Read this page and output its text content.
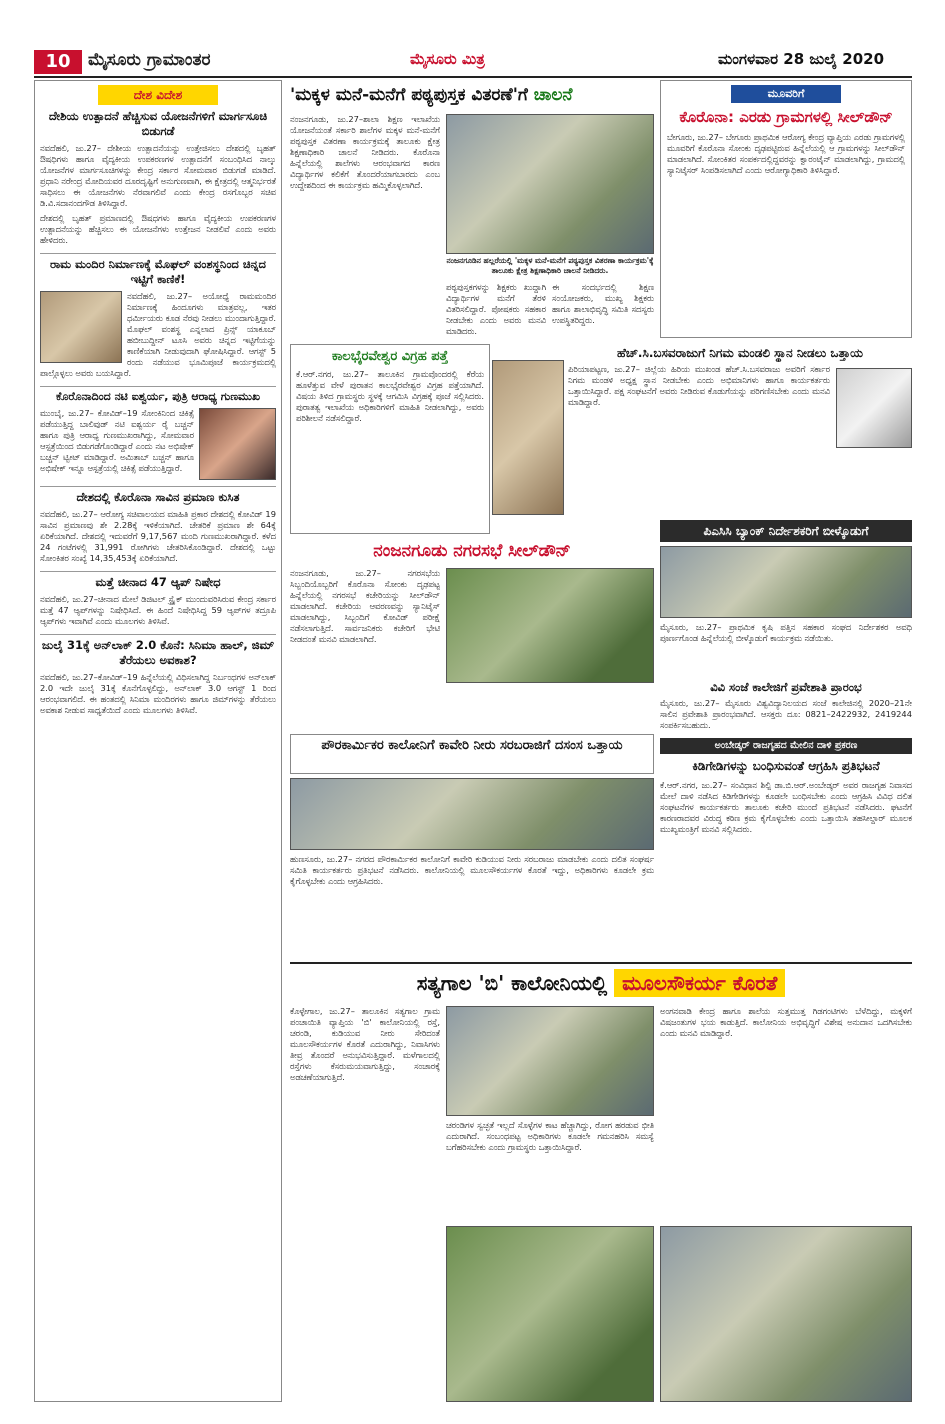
10	ಮೈಸೂರು ಗ್ರಾಮಾಂತರ	ಮೈಸೂರು ಮಿತ್ರ	ಮಂಗಳವಾರ 28 ಜುಲೈ 2020
ದೇಶ ವಿದೇಶ
ದೇಶಿಯ ಉತ್ಪಾದನೆ ಹೆಚ್ಚಿಸುವ ಯೋಜನೆಗಳಿಗೆ ಮಾರ್ಗಸೂಚಿ ಬಿಡುಗಡೆ

ನವದೆಹಲಿ, ಜು.27– ದೇಶೀಯ ಉತ್ಪಾದನೆಯನ್ನು ಉತ್ತೇಜಿಸಲು ದೇಶದಲ್ಲಿ ಬೃಹತ್ ಔಷಧಿಗಳು ಹಾಗೂ ವೈದ್ಯಕೀಯ ಉಪಕರಣಗಳ ಉತ್ಪಾದನೆಗೆ ಸಂಬಂಧಿಸಿದ ನಾಲ್ಕು ಯೋಜನೆಗಳ ಮಾರ್ಗಸೂಚಿಗಳನ್ನು ಕೇಂದ್ರ ಸರ್ಕಾರ ಸೋಮವಾರ ಬಿಡುಗಡೆ ಮಾಡಿದೆ. ಪ್ರಧಾನಿ ನರೇಂದ್ರ ಮೋದಿಯವರ ದೂರದೃಷ್ಟಿಗೆ ಅನುಗುಣವಾಗಿ, ಈ ಕ್ಷೇತ್ರದಲ್ಲಿ ಆತ್ಮನಿರ್ಭರತೆ ಸಾಧಿಸಲು ಈ ಯೋಜನೆಗಳು ನೆರವಾಗಲಿವೆ ಎಂದು ಕೇಂದ್ರ ರಸಗೊಬ್ಬರ ಸಚಿವ ಡಿ.ವಿ.ಸದಾನಂದಗೌಡ ತಿಳಿಸಿದ್ದಾರೆ.

ದೇಶದಲ್ಲಿ ಬೃಹತ್ ಪ್ರಮಾಣದಲ್ಲಿ ಔಷಧಗಳು ಹಾಗೂ ವೈದ್ಯಕೀಯ ಉಪಕರಣಗಳ ಉತ್ಪಾದನೆಯನ್ನು ಹೆಚ್ಚಿಸಲು ಈ ಯೋಜನೆಗಳು ಉತ್ತೇಜನ ನೀಡಲಿವೆ ಎಂದು ಅವರು ಹೇಳಿದರು.

ರಾಮ ಮಂದಿರ ನಿರ್ಮಾಣಕ್ಕೆ ಮೊಘಲ್ ವಂಶಸ್ಥನಿಂದ ಚಿನ್ನದ ಇಟ್ಟಿಗೆ ಕಾಣಿಕೆ!

ನವದೆಹಲಿ, ಜು.27– ಅಯೋಧ್ಯೆ ರಾಮಮಂದಿರ ನಿರ್ಮಾಣಕ್ಕೆ ಹಿಂದೂಗಳು ಮಾತ್ರವಲ್ಲ, ಇತರ ಧರ್ಮೀಯರು ಕೂಡ ನೆರವು ನೀಡಲು ಮುಂದಾಗುತ್ತಿದ್ದಾರೆ. ಮೊಘಲ್ ವಂಶಸ್ಥ ಎನ್ನಲಾದ ಪ್ರಿನ್ಸ್ ಯಾಕೂಬ್ ಹಬೀಬುದ್ದೀನ್ ಟೂಸಿ ಅವರು ಚಿನ್ನದ ಇಟ್ಟಿಗೆಯನ್ನು ಕಾಣಿಕೆಯಾಗಿ ನೀಡುವುದಾಗಿ ಘೋಷಿಸಿದ್ದಾರೆ. ಆಗಸ್ಟ್ 5 ರಂದು ನಡೆಯುವ ಭೂಮಿಪೂಜೆ ಕಾರ್ಯಕ್ರಮದಲ್ಲಿ ಪಾಲ್ಗೊಳ್ಳಲು ಅವರು ಬಯಸಿದ್ದಾರೆ.

ಕೊರೊನಾದಿಂದ ನಟಿ ಐಶ್ವರ್ಯ, ಪುತ್ರಿ ಆರಾಧ್ಯ ಗುಣಮುಖ

ಮುಂಬೈ, ಜು.27– ಕೋವಿಡ್–19 ಸೋಂಕಿನಿಂದ ಚಿಕಿತ್ಸೆ ಪಡೆಯುತ್ತಿದ್ದ ಬಾಲಿವುಡ್ ನಟಿ ಐಶ್ವರ್ಯ ರೈ ಬಚ್ಚನ್ ಹಾಗೂ ಪುತ್ರಿ ಆರಾಧ್ಯ ಗುಣಮುಖರಾಗಿದ್ದು, ಸೋಮವಾರ ಆಸ್ಪತ್ರೆಯಿಂದ ಬಿಡುಗಡೆಗೊಂಡಿದ್ದಾರೆ ಎಂದು ನಟ ಅಭಿಷೇಕ್ ಬಚ್ಚನ್ ಟ್ವೀಟ್ ಮಾಡಿದ್ದಾರೆ. ಅಮಿತಾಬ್ ಬಚ್ಚನ್ ಹಾಗೂ ಅಭಿಷೇಕ್ ಇನ್ನೂ ಆಸ್ಪತ್ರೆಯಲ್ಲಿ ಚಿಕಿತ್ಸೆ ಪಡೆಯುತ್ತಿದ್ದಾರೆ.

ದೇಶದಲ್ಲಿ ಕೊರೊನಾ ಸಾವಿನ ಪ್ರಮಾಣ ಕುಸಿತ

ನವದೆಹಲಿ, ಜು.27– ಆರೋಗ್ಯ ಸಚಿವಾಲಯದ ಮಾಹಿತಿ ಪ್ರಕಾರ ದೇಶದಲ್ಲಿ ಕೋವಿಡ್ 19 ಸಾವಿನ ಪ್ರಮಾಣವು ಶೇ 2.28ಕ್ಕೆ ಇಳಿಕೆಯಾಗಿದೆ. ಚೇತರಿಕೆ ಪ್ರಮಾಣ ಶೇ 64ಕ್ಕೆ ಏರಿಕೆಯಾಗಿದೆ. ದೇಶದಲ್ಲಿ ಇದುವರೆಗೆ 9,17,567 ಮಂದಿ ಗುಣಮುಖರಾಗಿದ್ದಾರೆ. ಕಳೆದ 24 ಗಂಟೆಗಳಲ್ಲಿ 31,991 ರೋಗಿಗಳು ಚೇತರಿಸಿಕೊಂಡಿದ್ದಾರೆ. ದೇಶದಲ್ಲಿ ಒಟ್ಟು ಸೋಂಕಿತರ ಸಂಖ್ಯೆ 14,35,453ಕ್ಕೆ ಏರಿಕೆಯಾಗಿದೆ.

ಮತ್ತೆ ಚೀನಾದ 47 ಆ್ಯಪ್ ನಿಷೇಧ

ನವದೆಹಲಿ, ಜು.27–ಚೀನಾದ ಮೇಲೆ ಡಿಜಿಟಲ್ ಸ್ಟ್ರೈಕ್ ಮುಂದುವರಿಸಿರುವ ಕೇಂದ್ರ ಸರ್ಕಾರ ಮತ್ತೆ 47 ಆ್ಯಪ್‌ಗಳನ್ನು ನಿಷೇಧಿಸಿದೆ. ಈ ಹಿಂದೆ ನಿಷೇಧಿಸಿದ್ದ 59 ಆ್ಯಪ್‌ಗಳ ತದ್ರೂಪಿ ಆ್ಯಪ್‌ಗಳು ಇವಾಗಿವೆ ಎಂದು ಮೂಲಗಳು ತಿಳಿಸಿವೆ.

ಜುಲೈ 31ಕ್ಕೆ ಅನ್‌ಲಾಕ್ 2.0 ಕೊನೆ: ಸಿನಿಮಾ ಹಾಲ್, ಜಿಮ್ ತೆರೆಯಲು ಅವಕಾಶ?

ನವದೆಹಲಿ, ಜು.27–ಕೋವಿಡ್–19 ಹಿನ್ನೆಲೆಯಲ್ಲಿ ವಿಧಿಸಲಾಗಿದ್ದ ನಿರ್ಬಂಧಗಳ ಅನ್‌ಲಾಕ್ 2.0 ಇದೇ ಜುಲೈ 31ಕ್ಕೆ ಕೊನೆಗೊಳ್ಳಲಿದ್ದು, ಅನ್‌ಲಾಕ್ 3.0 ಆಗಸ್ಟ್ 1 ರಿಂದ ಆರಂಭವಾಗಲಿದೆ. ಈ ಹಂತದಲ್ಲಿ ಸಿನಿಮಾ ಮಂದಿರಗಳು ಹಾಗೂ ಜಿಮ್‌ಗಳನ್ನು ತೆರೆಯಲು ಅವಕಾಶ ನೀಡುವ ಸಾಧ್ಯತೆಯಿದೆ ಎಂದು ಮೂಲಗಳು ತಿಳಿಸಿವೆ.

'ಮಕ್ಕಳ ಮನೆ-ಮನೆಗೆ ಪಠ್ಯಪುಸ್ತಕ ವಿತರಣೆ'ಗೆ ಚಾಲನೆ

ನಂಜನಗೂಡು, ಜು.27–ಶಾಲಾ ಶಿಕ್ಷಣ ಇಲಾಖೆಯ ಯೋಜನೆಯಂತೆ ಸರ್ಕಾರಿ ಶಾಲೆಗಳ ಮಕ್ಕಳ ಮನೆ-ಮನೆಗೆ ಪಠ್ಯಪುಸ್ತಕ ವಿತರಣಾ ಕಾರ್ಯಕ್ರಮಕ್ಕೆ ತಾಲೂಕು ಕ್ಷೇತ್ರ ಶಿಕ್ಷಣಾಧಿಕಾರಿ ಚಾಲನೆ ನೀಡಿದರು. ಕೊರೊನಾ ಹಿನ್ನೆಲೆಯಲ್ಲಿ ಶಾಲೆಗಳು ಆರಂಭವಾಗದ ಕಾರಣ ವಿದ್ಯಾರ್ಥಿಗಳ ಕಲಿಕೆಗೆ ತೊಂದರೆಯಾಗಬಾರದು ಎಂಬ ಉದ್ದೇಶದಿಂದ ಈ ಕಾರ್ಯಕ್ರಮ ಹಮ್ಮಿಕೊಳ್ಳಲಾಗಿದೆ.

ನಂಜನಗೂಡಿನ ಹಲ್ಲರೆಯಲ್ಲಿ 'ಮಕ್ಕಳ ಮನೆ-ಮನೆಗೆ ಪಠ್ಯಪುಸ್ತಕ ವಿತರಣಾ ಕಾರ್ಯಕ್ರಮ'ಕ್ಕೆ ತಾಲೂಕು ಕ್ಷೇತ್ರ ಶಿಕ್ಷಣಾಧಿಕಾರಿ ಚಾಲನೆ ನೀಡಿದರು.

ಪಠ್ಯಪುಸ್ತಕಗಳನ್ನು ಶಿಕ್ಷಕರು ಖುದ್ದಾಗಿ ವಿದ್ಯಾರ್ಥಿಗಳ ಮನೆಗೆ ತೆರಳಿ ವಿತರಿಸಲಿದ್ದಾರೆ. ಪೋಷಕರು ಸಹಕಾರ ನೀಡಬೇಕು ಎಂದು ಅವರು ಮನವಿ ಮಾಡಿದರು.

ಈ ಸಂದರ್ಭದಲ್ಲಿ ಶಿಕ್ಷಣ ಸಂಯೋಜಕರು, ಮುಖ್ಯ ಶಿಕ್ಷಕರು ಹಾಗೂ ಶಾಲಾಭಿವೃದ್ಧಿ ಸಮಿತಿ ಸದಸ್ಯರು ಉಪಸ್ಥಿತರಿದ್ದರು.

ಮೂವರಿಗೆ
ಕೊರೊನಾ: ಎರಡು ಗ್ರಾಮಗಳಲ್ಲಿ ಸೀಲ್‌ಡೌನ್
ಬೇಗೂರು, ಜು.27– ಬೇಗೂರು ಪ್ರಾಥಮಿಕ ಆರೋಗ್ಯ ಕೇಂದ್ರ ವ್ಯಾಪ್ತಿಯ ಎರಡು ಗ್ರಾಮಗಳಲ್ಲಿ ಮೂವರಿಗೆ ಕೊರೊನಾ ಸೋಂಕು ದೃಢಪಟ್ಟಿರುವ ಹಿನ್ನೆಲೆಯಲ್ಲಿ ಆ ಗ್ರಾಮಗಳನ್ನು ಸೀಲ್‌ಡೌನ್ ಮಾಡಲಾಗಿದೆ. ಸೋಂಕಿತರ ಸಂಪರ್ಕದಲ್ಲಿದ್ದವರನ್ನು ಕ್ವಾರಂಟೈನ್ ಮಾಡಲಾಗಿದ್ದು, ಗ್ರಾಮದಲ್ಲಿ ಸ್ಯಾನಿಟೈಸರ್ ಸಿಂಪಡಿಸಲಾಗಿದೆ ಎಂದು ಆರೋಗ್ಯಾಧಿಕಾರಿ ತಿಳಿಸಿದ್ದಾರೆ.
ಕಾಲಭೈರವೇಶ್ವರ ವಿಗ್ರಹ ಪತ್ತೆ
ಕೆ.ಆರ್.ನಗರ, ಜು.27– ತಾಲೂಕಿನ ಗ್ರಾಮವೊಂದರಲ್ಲಿ ಕೆರೆಯ ಹೂಳೆತ್ತುವ ವೇಳೆ ಪುರಾತನ ಕಾಲಭೈರವೇಶ್ವರ ವಿಗ್ರಹ ಪತ್ತೆಯಾಗಿದೆ. ವಿಷಯ ತಿಳಿದ ಗ್ರಾಮಸ್ಥರು ಸ್ಥಳಕ್ಕೆ ಆಗಮಿಸಿ ವಿಗ್ರಹಕ್ಕೆ ಪೂಜೆ ಸಲ್ಲಿಸಿದರು. ಪುರಾತತ್ವ ಇಲಾಖೆಯ ಅಧಿಕಾರಿಗಳಿಗೆ ಮಾಹಿತಿ ನೀಡಲಾಗಿದ್ದು, ಅವರು ಪರಿಶೀಲನೆ ನಡೆಸಲಿದ್ದಾರೆ.
ಹೆಚ್.ಸಿ.ಬಸವರಾಜುಗೆ ನಿಗಮ ಮಂಡಲಿ ಸ್ಥಾನ ನೀಡಲು ಒತ್ತಾಯ
ಪಿರಿಯಾಪಟ್ಟಣ, ಜು.27– ಜಿಲ್ಲೆಯ ಹಿರಿಯ ಮುಖಂಡ ಹೆಚ್.ಸಿ.ಬಸವರಾಜು ಅವರಿಗೆ ಸರ್ಕಾರ ನಿಗಮ ಮಂಡಳಿ ಅಧ್ಯಕ್ಷ ಸ್ಥಾನ ನೀಡಬೇಕು ಎಂದು ಅಭಿಮಾನಿಗಳು ಹಾಗೂ ಕಾರ್ಯಕರ್ತರು ಒತ್ತಾಯಿಸಿದ್ದಾರೆ. ಪಕ್ಷ ಸಂಘಟನೆಗೆ ಅವರು ನೀಡಿರುವ ಕೊಡುಗೆಯನ್ನು ಪರಿಗಣಿಸಬೇಕು ಎಂದು ಮನವಿ ಮಾಡಿದ್ದಾರೆ.
ನಂಜನಗೂಡು ನಗರಸಭೆ ಸೀಲ್‌ಡೌನ್
ನಂಜನಗೂಡು, ಜು.27– ನಗರಸಭೆಯ ಸಿಬ್ಬಂದಿಯೊಬ್ಬರಿಗೆ ಕೊರೊನಾ ಸೋಂಕು ದೃಢಪಟ್ಟ ಹಿನ್ನೆಲೆಯಲ್ಲಿ ನಗರಸಭೆ ಕಚೇರಿಯನ್ನು ಸೀಲ್‌ಡೌನ್ ಮಾಡಲಾಗಿದೆ. ಕಚೇರಿಯ ಆವರಣವನ್ನು ಸ್ಯಾನಿಟೈಸ್ ಮಾಡಲಾಗಿದ್ದು, ಸಿಬ್ಬಂದಿಗೆ ಕೋವಿಡ್ ಪರೀಕ್ಷೆ ನಡೆಸಲಾಗುತ್ತಿದೆ. ಸಾರ್ವಜನಿಕರು ಕಚೇರಿಗೆ ಭೇಟಿ ನೀಡದಂತೆ ಮನವಿ ಮಾಡಲಾಗಿದೆ.
ಪಿಎಸಿಸಿ ಬ್ಯಾಂಕ್ ನಿರ್ದೇಶಕರಿಗೆ ಬೀಳ್ಕೊಡುಗೆ
ಮೈಸೂರು, ಜು.27– ಪ್ರಾಥಮಿಕ ಕೃಷಿ ಪತ್ತಿನ ಸಹಕಾರ ಸಂಘದ ನಿರ್ದೇಶಕರ ಅವಧಿ ಪೂರ್ಣಗೊಂಡ ಹಿನ್ನೆಲೆಯಲ್ಲಿ ಬೀಳ್ಕೊಡುಗೆ ಕಾರ್ಯಕ್ರಮ ನಡೆಯಿತು.
ವಿವಿ ಸಂಜೆ ಕಾಲೇಜಿಗೆ ಪ್ರವೇಶಾತಿ ಪ್ರಾರಂಭ
ಮೈಸೂರು, ಜು.27– ಮೈಸೂರು ವಿಶ್ವವಿದ್ಯಾನಿಲಯದ ಸಂಜೆ ಕಾಲೇಜಿನಲ್ಲಿ 2020–21ನೇ ಸಾಲಿನ ಪ್ರವೇಶಾತಿ ಪ್ರಾರಂಭವಾಗಿದೆ. ಆಸಕ್ತರು ದೂ: 0821–2422932, 2419244 ಸಂಪರ್ಕಿಸಬಹುದು.
ಪೌರಕಾರ್ಮಿಕರ ಕಾಲೋನಿಗೆ ಕಾವೇರಿ ನೀರು ಸರಬರಾಜಿಗೆ ದಸಂಸ ಒತ್ತಾಯ
ಹುಣಸೂರು, ಜು.27– ನಗರದ ಪೌರಕಾರ್ಮಿಕರ ಕಾಲೋನಿಗೆ ಕಾವೇರಿ ಕುಡಿಯುವ ನೀರು ಸರಬರಾಜು ಮಾಡಬೇಕು ಎಂದು ದಲಿತ ಸಂಘರ್ಷ ಸಮಿತಿ ಕಾರ್ಯಕರ್ತರು ಪ್ರತಿಭಟನೆ ನಡೆಸಿದರು. ಕಾಲೋನಿಯಲ್ಲಿ ಮೂಲಸೌಕರ್ಯಗಳ ಕೊರತೆ ಇದ್ದು, ಅಧಿಕಾರಿಗಳು ಕೂಡಲೇ ಕ್ರಮ ಕೈಗೊಳ್ಳಬೇಕು ಎಂದು ಆಗ್ರಹಿಸಿದರು.
ಅಂಬೇಡ್ಕರ್ ರಾಜಗೃಹದ ಮೇಲಿನ ದಾಳಿ ಪ್ರಕರಣ
ಕಿಡಿಗೇಡಿಗಳನ್ನು ಬಂಧಿಸುವಂತೆ ಆಗ್ರಹಿಸಿ ಪ್ರತಿಭಟನೆ
ಕೆ.ಆರ್.ನಗರ, ಜು.27– ಸಂವಿಧಾನ ಶಿಲ್ಪಿ ಡಾ.ಬಿ.ಆರ್.ಅಂಬೇಡ್ಕರ್ ಅವರ ರಾಜಗೃಹ ನಿವಾಸದ ಮೇಲೆ ದಾಳಿ ನಡೆಸಿದ ಕಿಡಿಗೇಡಿಗಳನ್ನು ಕೂಡಲೇ ಬಂಧಿಸಬೇಕು ಎಂದು ಆಗ್ರಹಿಸಿ ವಿವಿಧ ದಲಿತ ಸಂಘಟನೆಗಳ ಕಾರ್ಯಕರ್ತರು ತಾಲೂಕು ಕಚೇರಿ ಮುಂದೆ ಪ್ರತಿಭಟನೆ ನಡೆಸಿದರು. ಘಟನೆಗೆ ಕಾರಣರಾದವರ ವಿರುದ್ಧ ಕಠಿಣ ಕ್ರಮ ಕೈಗೊಳ್ಳಬೇಕು ಎಂದು ಒತ್ತಾಯಿಸಿ ತಹಸೀಲ್ದಾರ್ ಮೂಲಕ ಮುಖ್ಯಮಂತ್ರಿಗೆ ಮನವಿ ಸಲ್ಲಿಸಿದರು.
ಸತ್ಯಗಾಲ 'ಬಿ' ಕಾಲೋನಿಯಲ್ಲಿ ಮೂಲಸೌಕರ್ಯ ಕೊರತೆ
ಕೊಳ್ಳೇಗಾಲ, ಜು.27– ತಾಲೂಕಿನ ಸತ್ಯಗಾಲ ಗ್ರಾಮ ಪಂಚಾಯಿತಿ ವ್ಯಾಪ್ತಿಯ 'ಬಿ' ಕಾಲೋನಿಯಲ್ಲಿ ರಸ್ತೆ, ಚರಂಡಿ, ಕುಡಿಯುವ ನೀರು ಸೇರಿದಂತೆ ಮೂಲಸೌಕರ್ಯಗಳ ಕೊರತೆ ಎದುರಾಗಿದ್ದು, ನಿವಾಸಿಗಳು ತೀವ್ರ ತೊಂದರೆ ಅನುಭವಿಸುತ್ತಿದ್ದಾರೆ. ಮಳೆಗಾಲದಲ್ಲಿ ರಸ್ತೆಗಳು ಕೆಸರುಮಯವಾಗುತ್ತಿದ್ದು, ಸಂಚಾರಕ್ಕೆ ಅಡಚಣೆಯಾಗುತ್ತಿದೆ.
ಚರಂಡಿಗಳ ಸ್ವಚ್ಛತೆ ಇಲ್ಲದೆ ಸೊಳ್ಳೆಗಳ ಕಾಟ ಹೆಚ್ಚಾಗಿದ್ದು, ರೋಗ ಹರಡುವ ಭೀತಿ ಎದುರಾಗಿದೆ. ಸಂಬಂಧಪಟ್ಟ ಅಧಿಕಾರಿಗಳು ಕೂಡಲೇ ಗಮನಹರಿಸಿ ಸಮಸ್ಯೆ ಬಗೆಹರಿಸಬೇಕು ಎಂದು ಗ್ರಾಮಸ್ಥರು ಒತ್ತಾಯಿಸಿದ್ದಾರೆ.
ಅಂಗನವಾಡಿ ಕೇಂದ್ರ ಹಾಗೂ ಶಾಲೆಯ ಸುತ್ತಮುತ್ತ ಗಿಡಗಂಟಿಗಳು ಬೆಳೆದಿದ್ದು, ಮಕ್ಕಳಿಗೆ ವಿಷಜಂತುಗಳ ಭಯ ಕಾಡುತ್ತಿದೆ. ಕಾಲೋನಿಯ ಅಭಿವೃದ್ಧಿಗೆ ವಿಶೇಷ ಅನುದಾನ ಒದಗಿಸಬೇಕು ಎಂದು ಮನವಿ ಮಾಡಿದ್ದಾರೆ.
